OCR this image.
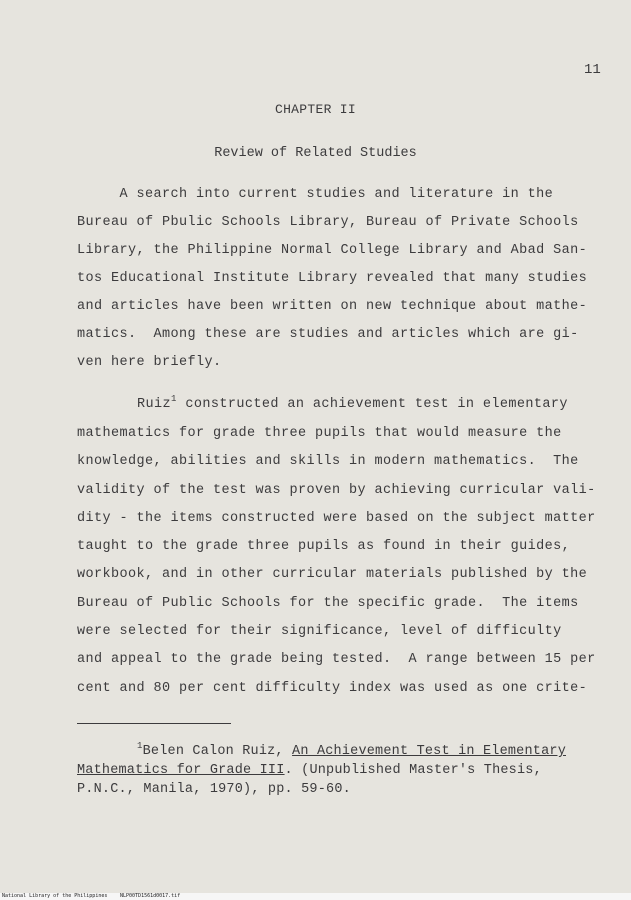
11
CHAPTER II
Review of Related Studies
A search into current studies and literature in the
Bureau of Pbulic Schools Library, Bureau of Private Schools
Library, the Philippine Normal College Library and Abad San-
tos Educational Institute Library revealed that many studies
and articles have been written on new technique about mathe-
matics.  Among these are studies and articles which are gi-
ven here briefly.
Ruiz$^1$ constructed an achievement test in elementary
mathematics for grade three pupils that would measure the
knowledge, abilities and skills in modern mathematics.  The
validity of the test was proven by achieving curricular vali-
dity - the items constructed were based on the subject matter
taught to the grade three pupils as found in their guides,
workbook, and in other curricular materials published by the
Bureau of Public Schools for the specific grade.  The items
were selected for their significance, level of difficulty
and appeal to the grade being tested.  A range between 15 per
cent and 80 per cent difficulty index was used as one crite-
$^1$Belen Calon Ruiz, An Achievement Test in Elementary
Mathematics for Grade III. (Unpublished Master's Thesis,
P.N.C., Manila, 1970), pp. 59-60.
National Library of the Philippines	NLP00TD1561d0017.tif
